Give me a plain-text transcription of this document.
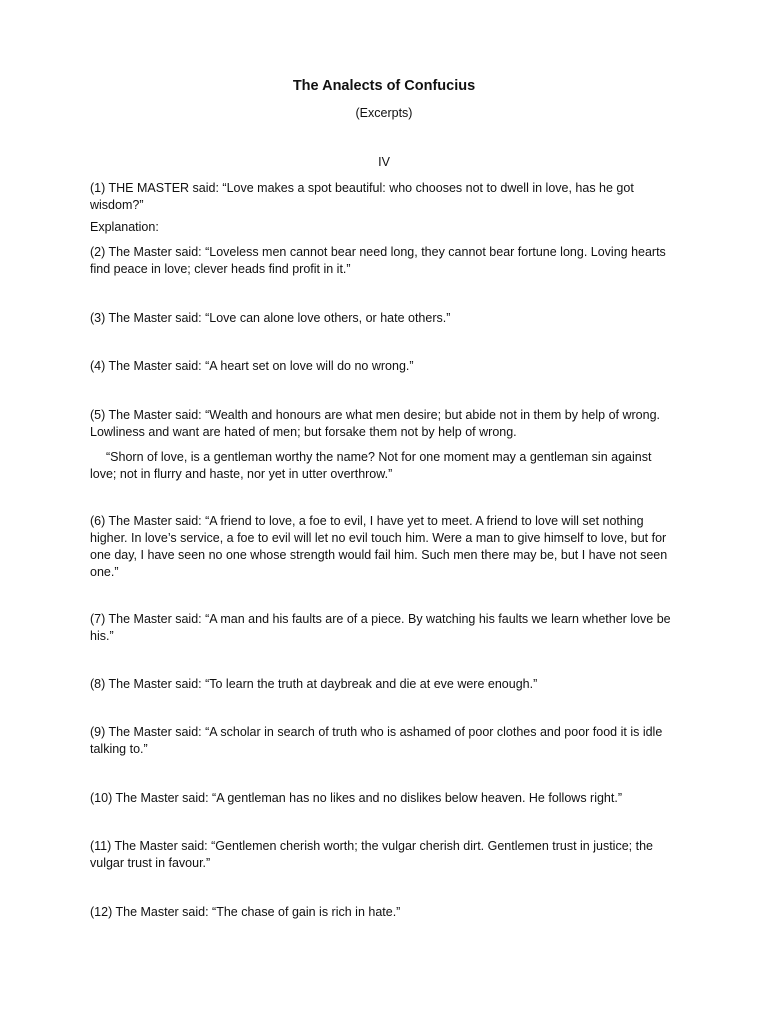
The Analects of Confucius
(Excerpts)
IV

(1) THE MASTER said: “Love makes a spot beautiful: who chooses not to dwell in love, has he got wisdom?”

Explanation:

(2) The Master said: “Loveless men cannot bear need long, they cannot bear fortune long. Loving hearts find peace in love; clever heads find profit in it.”

(3) The Master said: “Love can alone love others, or hate others.”

(4) The Master said: “A heart set on love will do no wrong.”

(5) The Master said: “Wealth and honours are what men desire; but abide not in them by help of wrong. Lowliness and want are hated of men; but forsake them not by help of wrong.

“Shorn of love, is a gentleman worthy the name? Not for one moment may a gentleman sin against love; not in flurry and haste, nor yet in utter overthrow.”

(6) The Master said: “A friend to love, a foe to evil, I have yet to meet. A friend to love will set nothing higher. In love’s service, a foe to evil will let no evil touch him. Were a man to give himself to love, but for one day, I have seen no one whose strength would fail him. Such men there may be, but I have not seen one.”

(7) The Master said: “A man and his faults are of a piece. By watching his faults we learn whether love be his.”

(8) The Master said: “To learn the truth at daybreak and die at eve were enough.”

(9) The Master said: “A scholar in search of truth who is ashamed of poor clothes and poor food it is idle talking to.”

(10) The Master said: “A gentleman has no likes and no dislikes below heaven. He follows right.”

(11) The Master said: “Gentlemen cherish worth; the vulgar cherish dirt. Gentlemen trust in justice; the vulgar trust in favour.”

(12) The Master said: “The chase of gain is rich in hate.”
